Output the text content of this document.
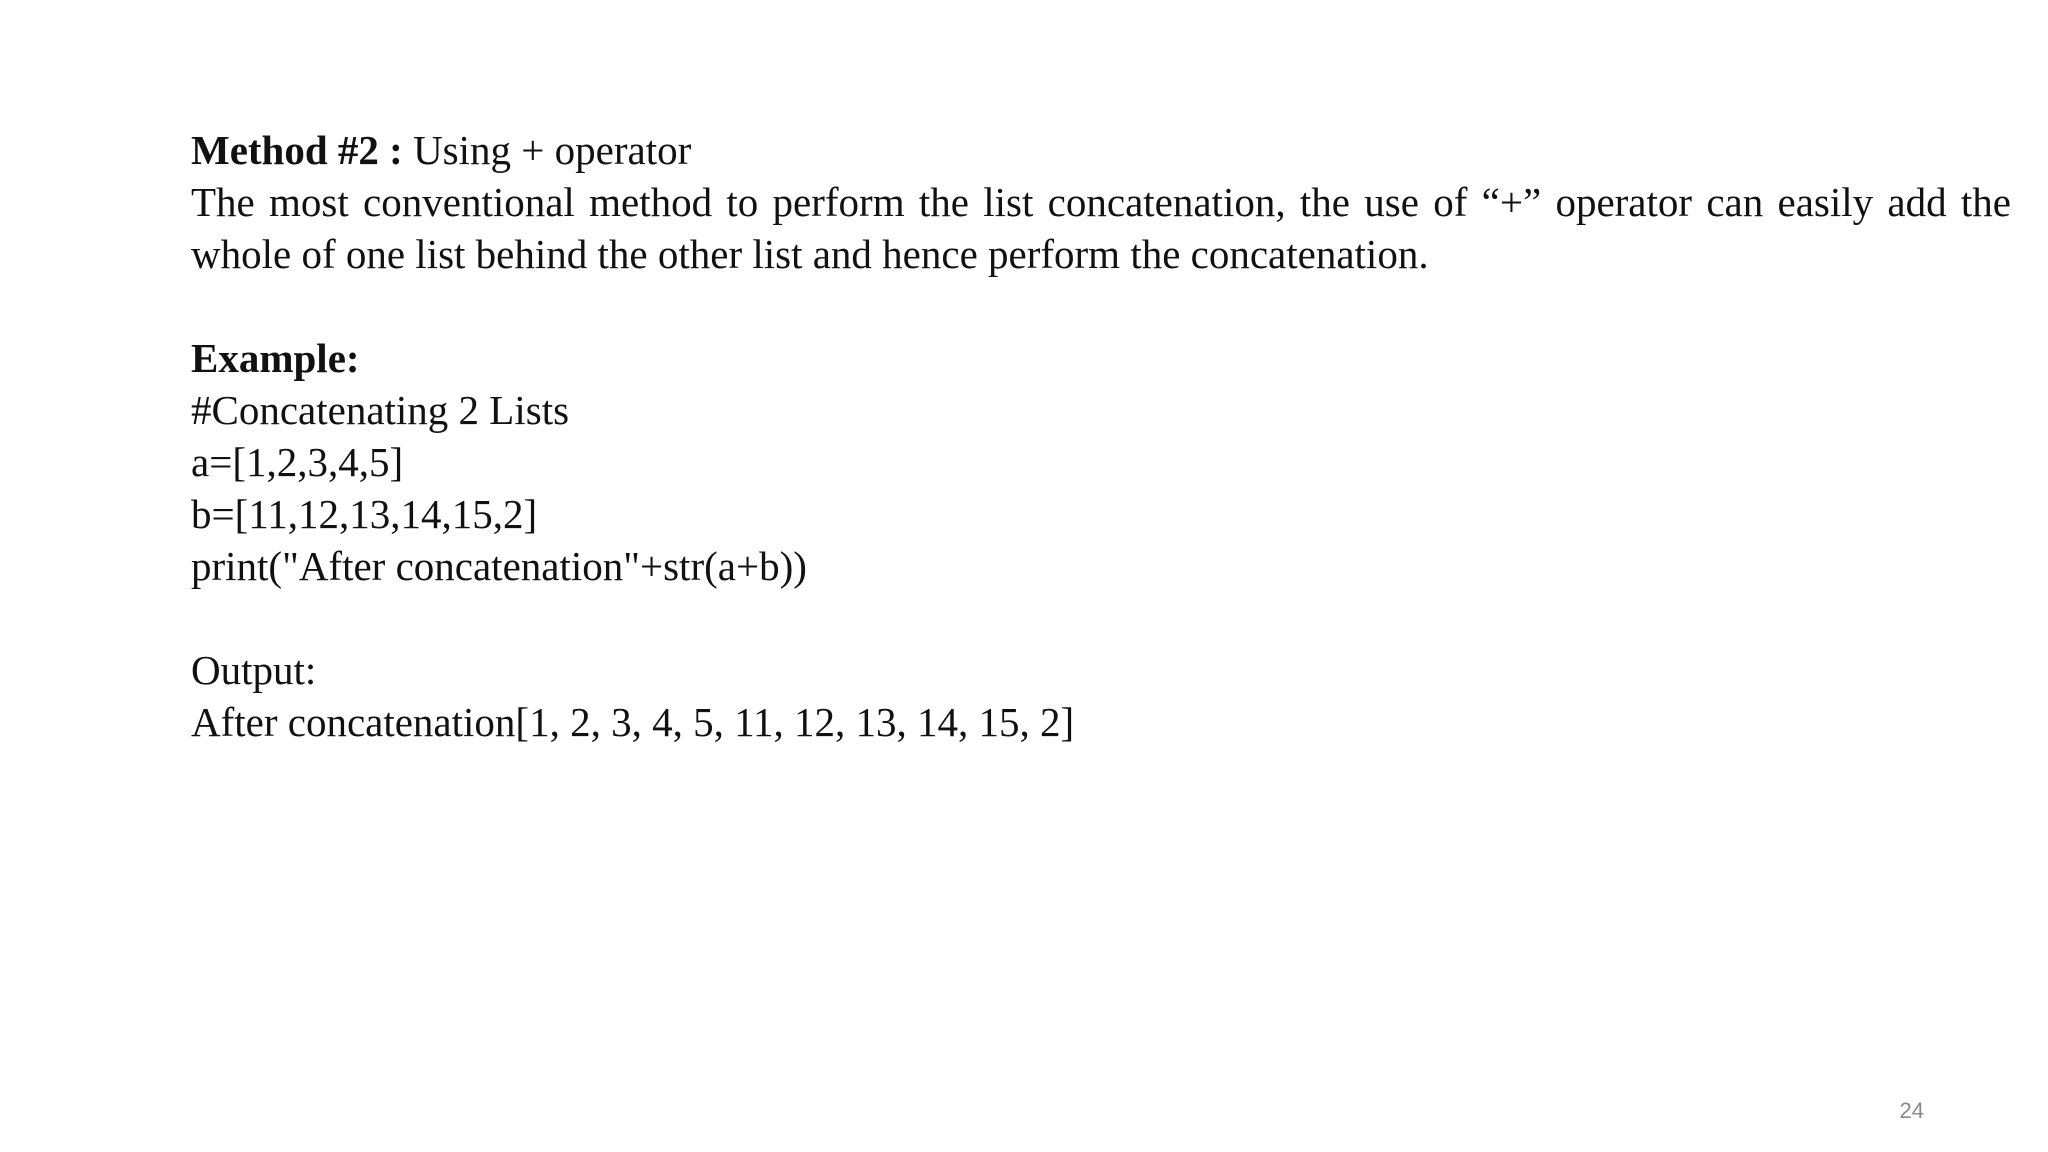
Method #2 : Using + operator

The most conventional method to perform the list concatenation, the use of “+” operator can easily add the whole of one list behind the other list and hence perform the concatenation.

Example:

#Concatenating 2 Lists

a=[1,2,3,4,5]

b=[11,12,13,14,15,2]

print("After concatenation"+str(a+b))

Output:

After concatenation[1, 2, 3, 4, 5, 11, 12, 13, 14, 15, 2]

24
